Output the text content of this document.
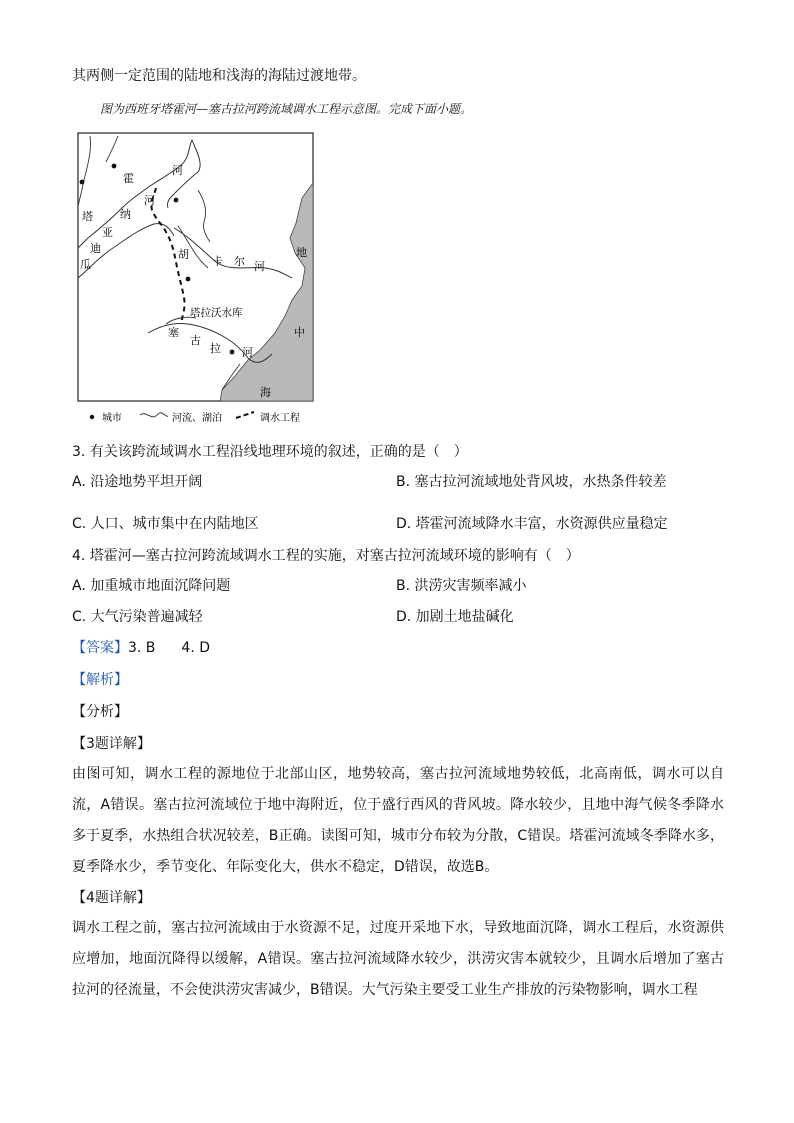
其两侧一定范围的陆地和浅海的海陆过渡地带。
图为西班牙塔霍河—塞古拉河跨流域调水工程示意图。完成下面小题。
霍
河
河
塔 纳
亚
迪
瓜
胡
卡 尔 河
地
中
海
塔拉沃水库
塞
古
拉 河
城市	河流、湖泊	调水工程
3. 有关该跨流域调水工程沿线地理环境的叙述，正确的是（　）
A. 沿途地势平坦开阔	B. 塞古拉河流域地处背风坡，水热条件较差
C. 人口、城市集中在内陆地区	D. 塔霍河流域降水丰富，水资源供应量稳定
4. 塔霍河—塞古拉河跨流域调水工程的实施，对塞古拉河流域环境的影响有（　）
A. 加重城市地面沉降问题	B. 洪涝灾害频率减小
C. 大气污染普遍减轻	D. 加剧土地盐碱化
【答案】3. B 4. D
【解析】
【分析】
【3题详解】
由图可知，调水工程的源地位于北部山区，地势较高，塞古拉河流域地势较低，北高南低，调水可以自流，A错误。塞古拉河流域位于地中海附近，位于盛行西风的背风坡。降水较少，且地中海气候冬季降水多于夏季，水热组合状况较差，B正确。读图可知，城市分布较为分散，C错误。塔霍河流域冬季降水多，夏季降水少，季节变化、年际变化大，供水不稳定，D错误，故选B。
【4题详解】
调水工程之前，塞古拉河流域由于水资源不足，过度开采地下水，导致地面沉降，调水工程后，水资源供应增加，地面沉降得以缓解，A错误。塞古拉河流域降水较少，洪涝灾害本就较少，且调水后增加了塞古拉河的径流量，不会使洪涝灾害减少，B错误。大气污染主要受工业生产排放的污染物影响，调水工程
